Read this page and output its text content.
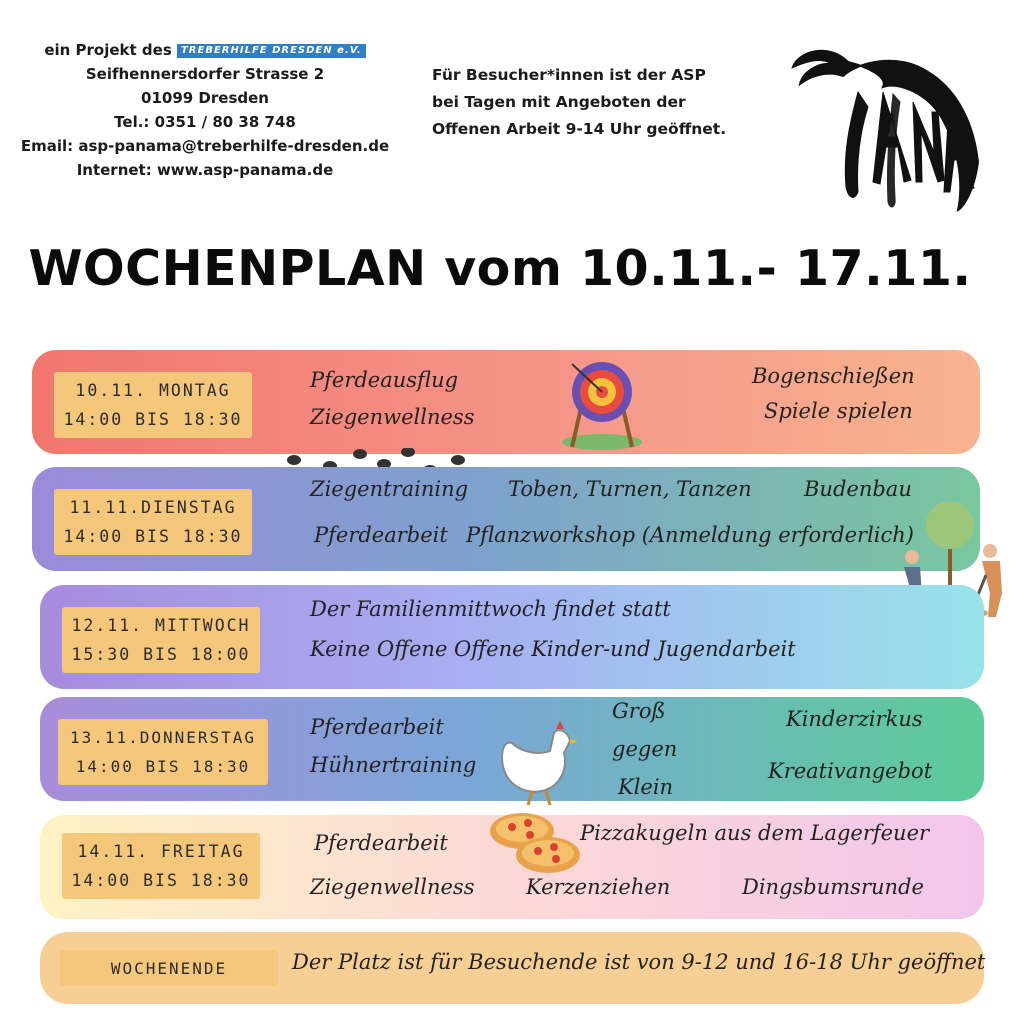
ein Projekt des TREBERHILFE DRESDEN e.V.
Seifhennersdorfer Strasse 2
01099 Dresden
Tel.: 0351 / 80 38 748
Email: asp-panama@treberhilfe-dresden.de
Internet: www.asp-panama.de
Für Besucher*innen ist der ASP
bei Tagen mit Angeboten der
Offenen Arbeit 9-14 Uhr geöffnet.
WOCHENPLAN vom 10.11.- 17.11.
10.11. MONTAG
14:00 BIS 18:30
Pferdeausflug
Ziegenwellness
Bogenschießen
Spiele spielen
11.11.DIENSTAG
14:00 BIS 18:30
Ziegentraining Toben, Turnen, Tanzen Budenbau
Pferdearbeit Pflanzworkshop (Anmeldung erforderlich)
12.11. MITTWOCH
15:30 BIS 18:00
Der Familienmittwoch findet statt
Keine Offene Offene Kinder-und Jugendarbeit
13.11.DONNERSTAG
14:00 BIS 18:30
Pferdearbeit
Hühnertraining
Groß
gegen
Klein
Kinderzirkus
Kreativangebot
14.11. FREITAG
14:00 BIS 18:30
Pferdearbeit
Ziegenwellness
Pizzakugeln aus dem Lagerfeuer
Kerzenziehen	Dingsbumsrunde
WOCHENENDE	Der Platz ist für Besuchende ist von 9-12 und 16-18 Uhr geöffnet
